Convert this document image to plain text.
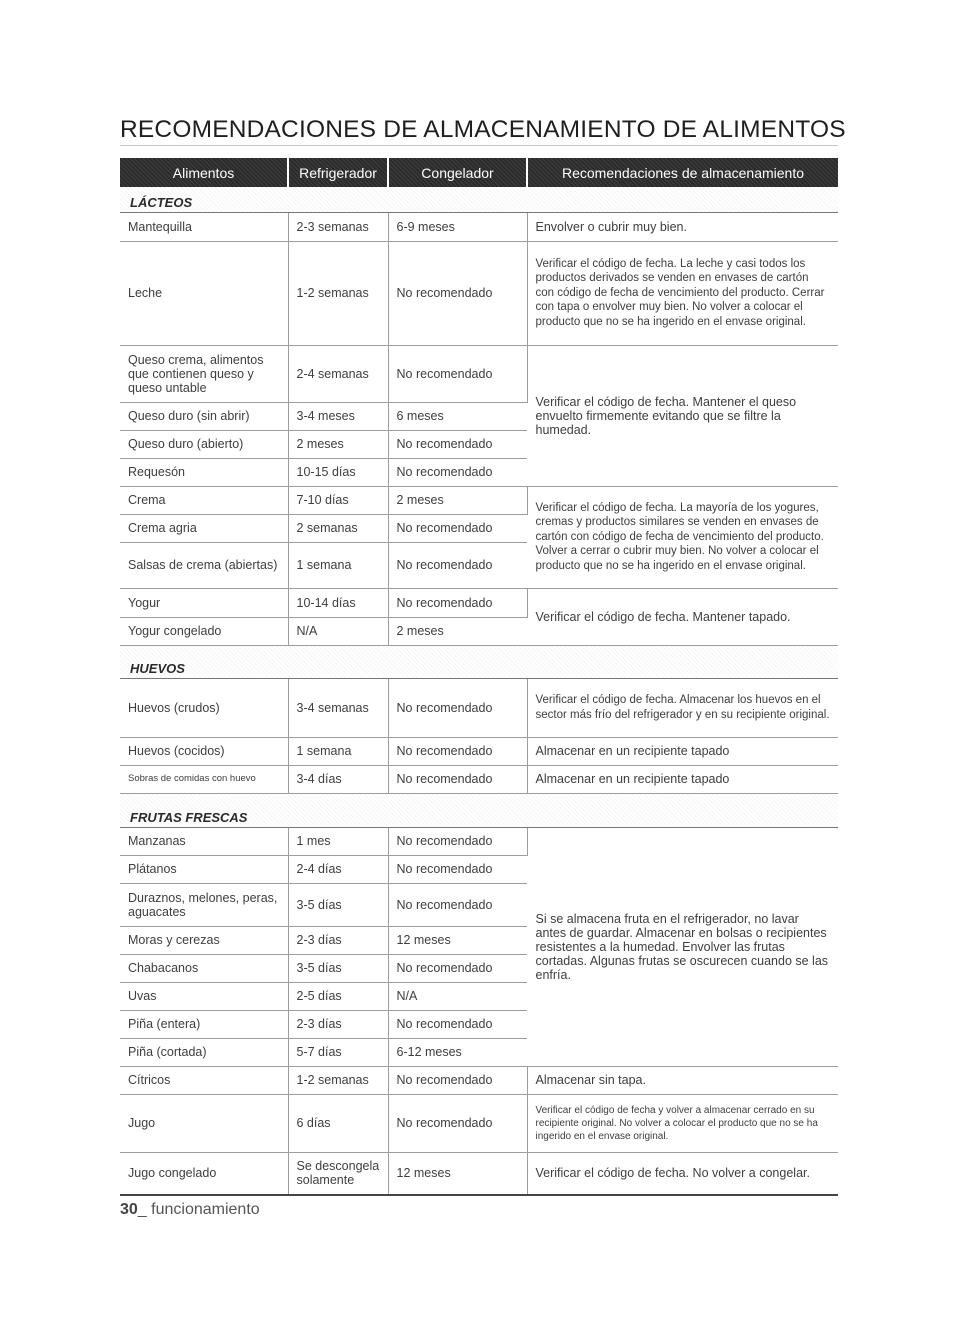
RECOMENDACIONES DE ALMACENAMIENTO DE ALIMENTOS
Alimentos	Refrigerador	Congelador	Recomendaciones de almacenamiento
LÁCTEOS			
Mantequilla	2-3 semanas	6-9 meses	Envolver o cubrir muy bien.
Leche	1-2 semanas	No recomendado	Verificar el código de fecha. La leche y casi todos los productos derivados se venden en envases de cartón con código de fecha de vencimiento del producto. Cerrar con tapa o envolver muy bien. No volver a colocar el producto que no se ha ingerido en el envase original.
Queso crema, alimentos que contienen queso y queso untable	2-4 semanas	No recomendado	Verificar el código de fecha. Mantener el queso envuelto firmemente evitando que se filtre la humedad.
Queso duro (sin abrir)	3-4 meses	6 meses	
Queso duro (abierto)	2 meses	No recomendado	
Requesón	10-15 días	No recomendado	
Crema	7-10 días	2 meses	Verificar el código de fecha. La mayoría de los yogures, cremas y productos similares se venden en envases de cartón con código de fecha de vencimiento del producto. Volver a cerrar o cubrir muy bien. No volver a colocar el producto que no se ha ingerido en el envase original.
Crema agria	2 semanas	No recomendado	
Salsas de crema (abiertas)	1 semana	No recomendado	
Yogur	10-14 días	No recomendado	Verificar el código de fecha. Mantener tapado.
Yogur congelado	N/A	2 meses	
HUEVOS			
Huevos (crudos)	3-4 semanas	No recomendado	Verificar el código de fecha. Almacenar los huevos en el sector más frío del refrigerador y en su recipiente original.
Huevos (cocidos)	1 semana	No recomendado	Almacenar en un recipiente tapado
Sobras de comidas con huevo	3-4 días	No recomendado	Almacenar en un recipiente tapado
FRUTAS FRESCAS			
Manzanas	1 mes	No recomendado	Si se almacena fruta en el refrigerador, no lavar antes de guardar. Almacenar en bolsas o recipientes resistentes a la humedad. Envolver las frutas cortadas. Algunas frutas se oscurecen cuando se las enfría.
Plátanos	2-4 días	No recomendado	
Duraznos, melones, peras, aguacates	3-5 días	No recomendado	
Moras y cerezas	2-3 días	12 meses	
Chabacanos	3-5 días	No recomendado	
Uvas	2-5 días	N/A	
Piña (entera)	2-3 días	No recomendado	
Piña (cortada)	5-7 días	6-12 meses	
Cítricos	1-2 semanas	No recomendado	Almacenar sin tapa.
Jugo	6 días	No recomendado	Verificar el código de fecha y volver a almacenar cerrado en su recipiente original. No volver a colocar el producto que no se ha ingerido en el envase original.
Jugo congelado	Se descongela solamente	12 meses	Verificar el código de fecha. No volver a congelar.
30_ funcionamiento
